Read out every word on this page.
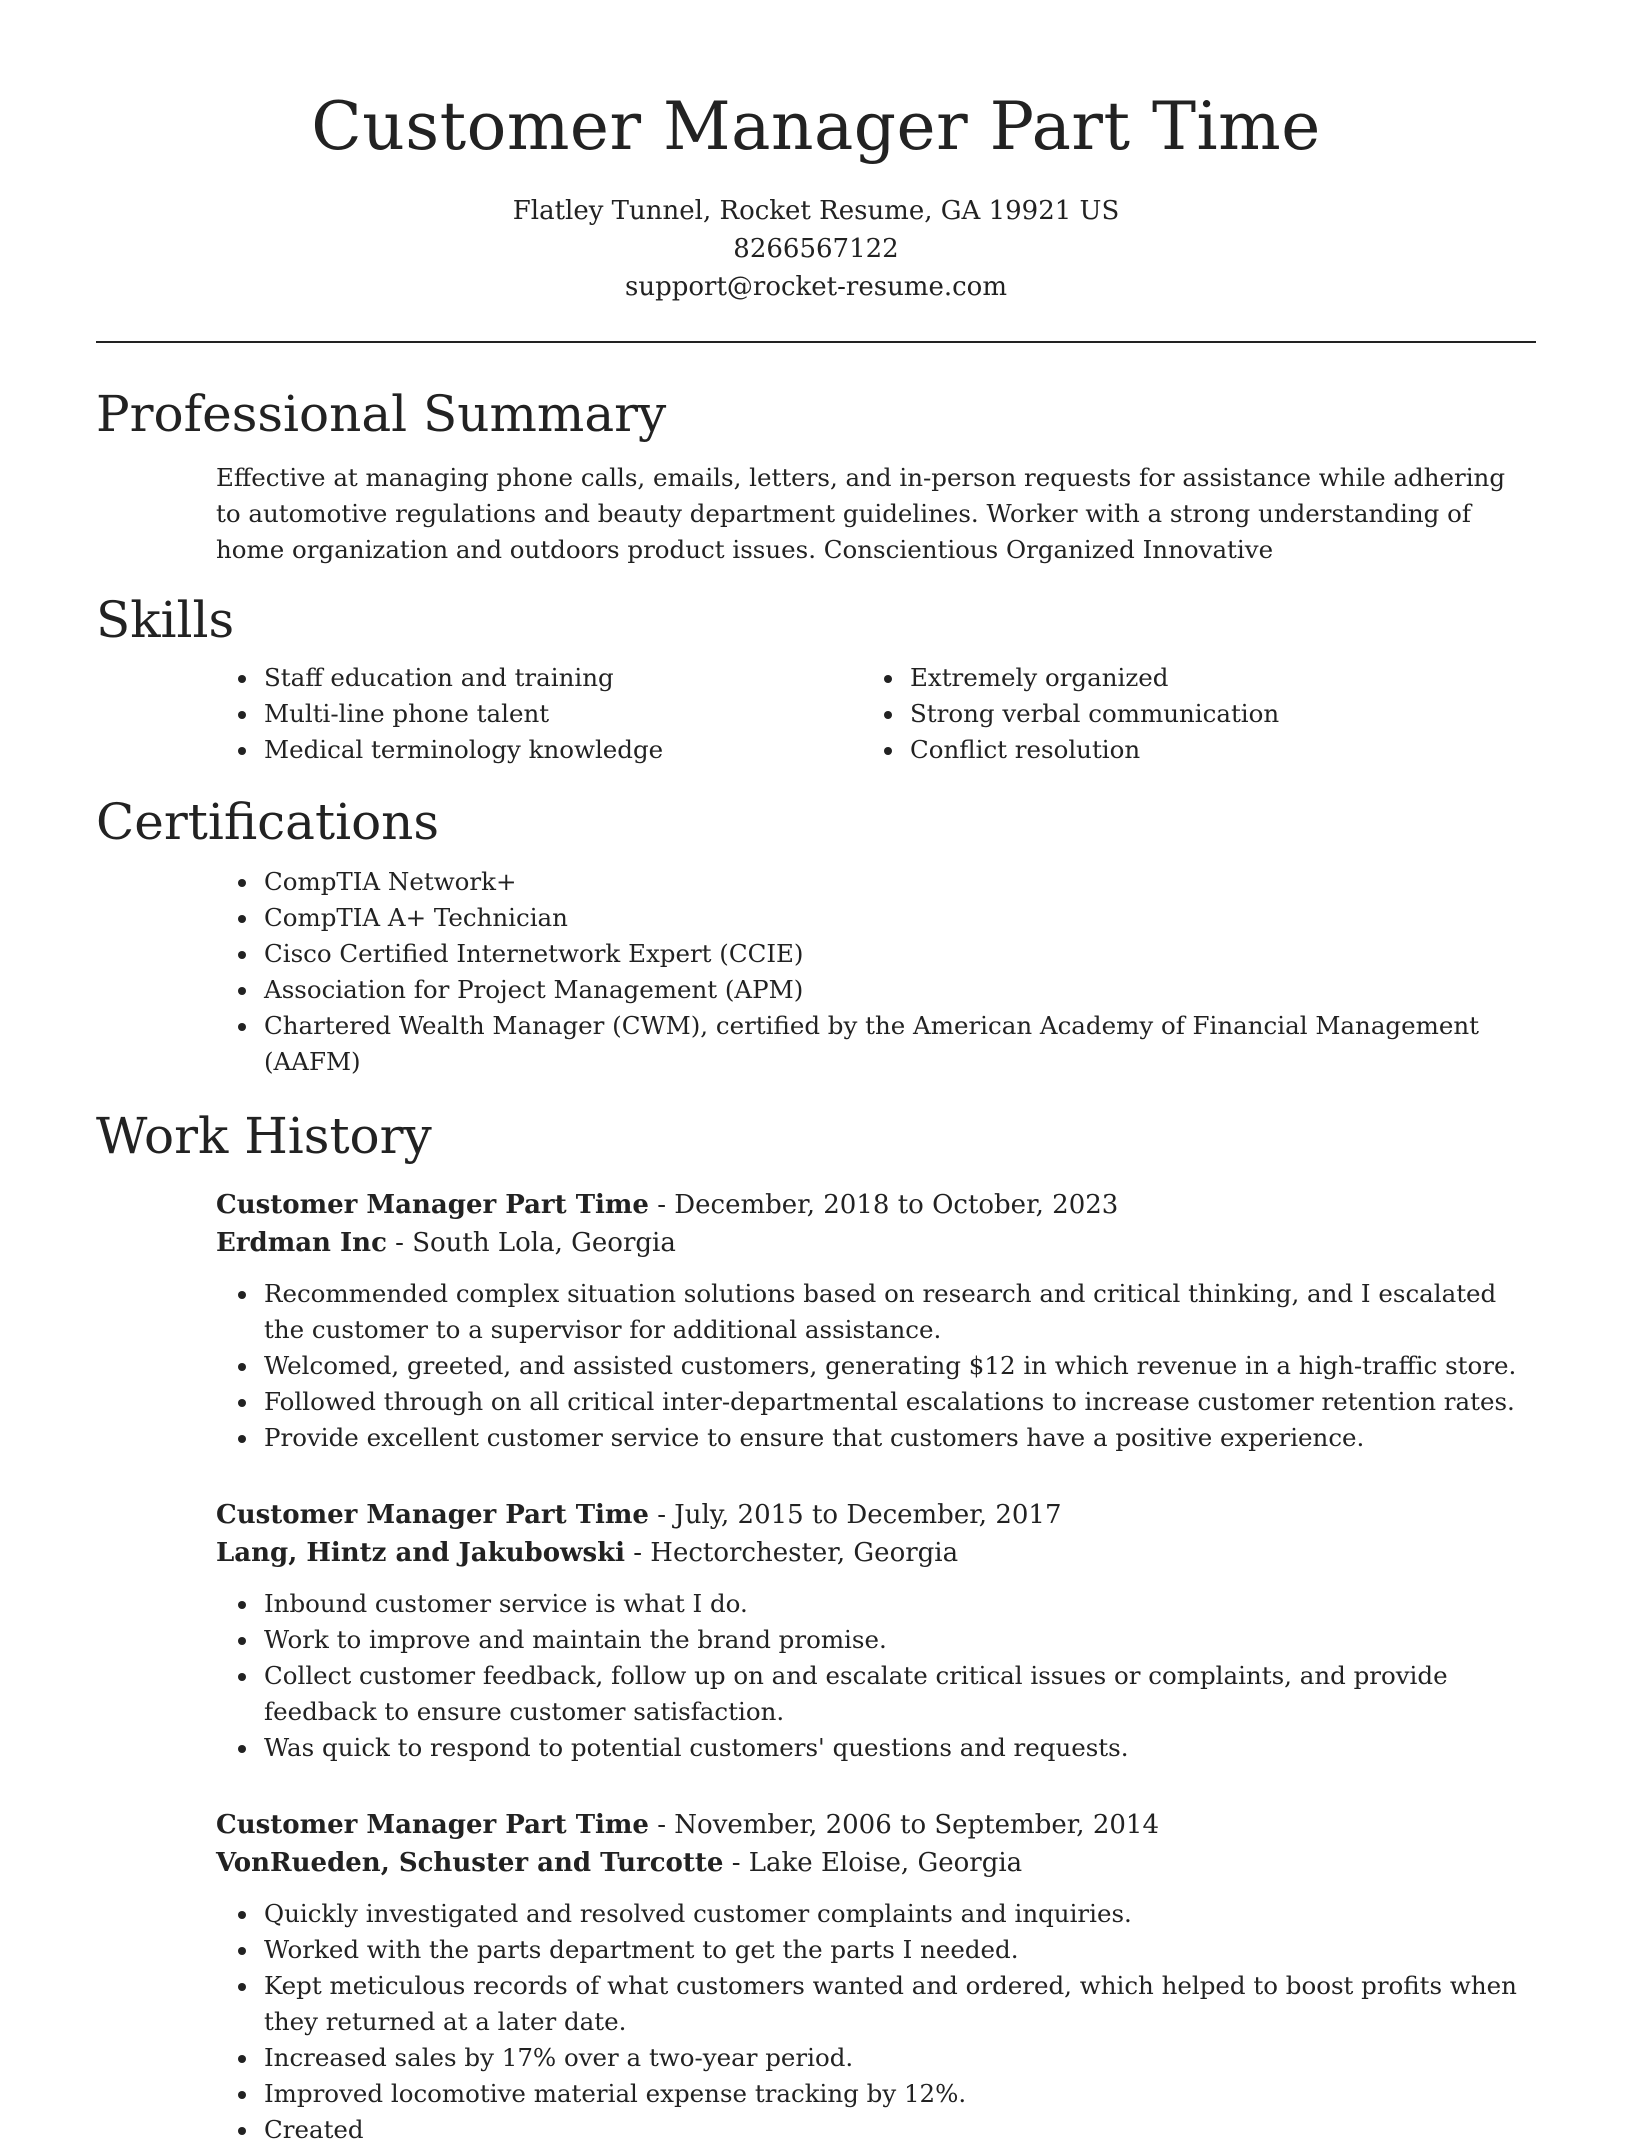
Customer Manager Part Time
Flatley Tunnel, Rocket Resume, GA 19921 US
8266567122
support@rocket-resume.com
Professional Summary

Effective at managing phone calls, emails, letters, and in-person requests for assistance while adhering to automotive regulations and beauty department guidelines. Worker with a strong understanding of home organization and outdoors product issues. Conscientious Organized Innovative

Skills
• Staff education and training
• Multi-line phone talent
• Medical terminology knowledge
• Extremely organized
• Strong verbal communication
• Conflict resolution
Certifications
• CompTIA Network+
• CompTIA A+ Technician
• Cisco Certified Internetwork Expert (CCIE)
• Association for Project Management (APM)
• Chartered Wealth Manager (CWM), certified by the American Academy of Financial Management (AAFM)
Work History
Customer Manager Part Time - December, 2018 to October, 2023
Erdman Inc - South Lola, Georgia
• Recommended complex situation solutions based on research and critical thinking, and I escalated the customer to a supervisor for additional assistance.
• Welcomed, greeted, and assisted customers, generating $12 in which revenue in a high-traffic store.
• Followed through on all critical inter-departmental escalations to increase customer retention rates.
• Provide excellent customer service to ensure that customers have a positive experience.
Customer Manager Part Time - July, 2015 to December, 2017
Lang, Hintz and Jakubowski - Hectorchester, Georgia
• Inbound customer service is what I do.
• Work to improve and maintain the brand promise.
• Collect customer feedback, follow up on and escalate critical issues or complaints, and provide feedback to ensure customer satisfaction.
• Was quick to respond to potential customers' questions and requests.
Customer Manager Part Time - November, 2006 to September, 2014
VonRueden, Schuster and Turcotte - Lake Eloise, Georgia
• Quickly investigated and resolved customer complaints and inquiries.
• Worked with the parts department to get the parts I needed.
• Kept meticulous records of what customers wanted and ordered, which helped to boost profits when they returned at a later date.
• Increased sales by 17% over a two-year period.
• Improved locomotive material expense tracking by 12%.
• Created
